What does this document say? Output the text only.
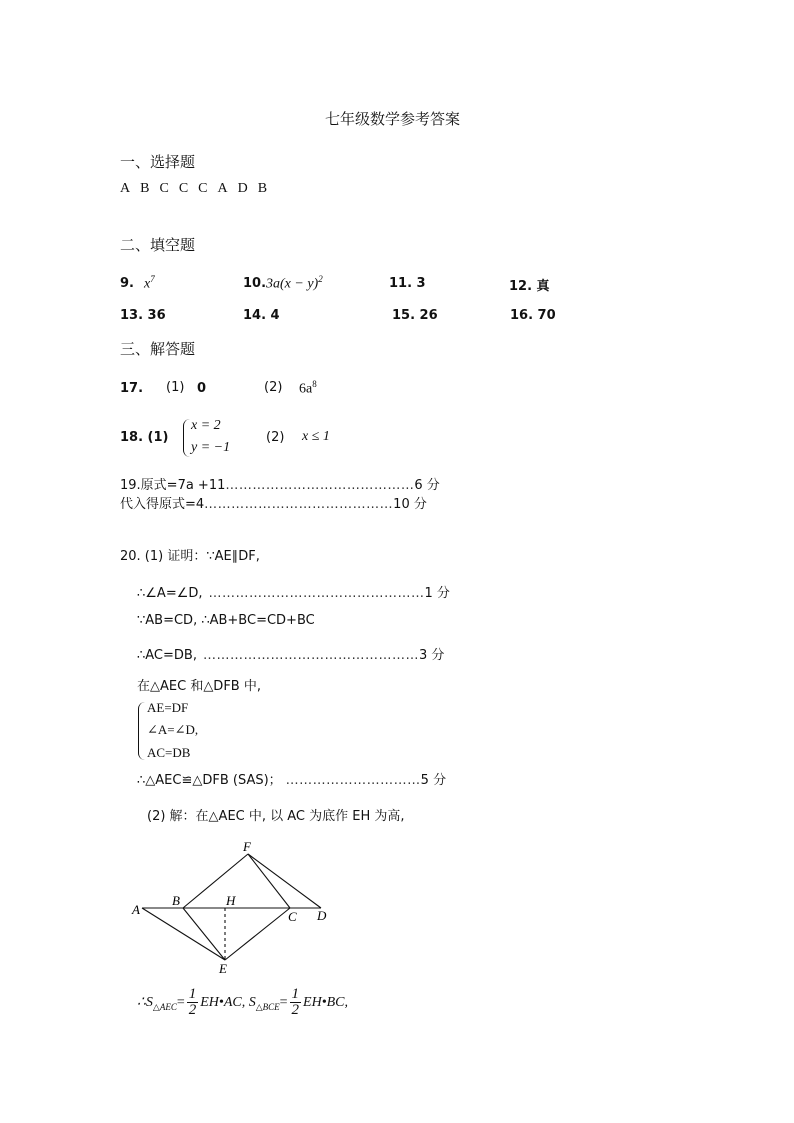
七年级数学参考答案
一、选择题
A B C C C A D B
二、填空题
9. $x^7$	10. $3a(x - y)^2$	11. 3	12. 真
13. 36	14. 4	15. 26	16. 70
三、解答题
17. (1) 0	(2) $6a^8$
18. (1)
x = 2
y = −1
(2) x ≤ 1
19.原式=7a +11……………………………………6 分
代入得原式=4……………………………………10 分
20. (1) 证明：∵AE∥DF,
∴∠A=∠D, …………………………………………1 分
∵AB=CD, ∴AB+BC=CD+BC
∴AC=DB, …………………………………………3 分
在△AEC 和△DFB 中,
AE=DF
∠A=∠D,
AC=DB
∴△AEC≌△DFB (SAS)； …………………………5 分
(2) 解：在△AEC 中, 以 AC 为底作 EH 为高,
F
A
B	H
C D
E
$\therefore S_{\triangle AEC}= \frac{1}{2}$ EH•AC, $S_{\triangle BCE}= \frac{1}{2}$ EH•BC,
